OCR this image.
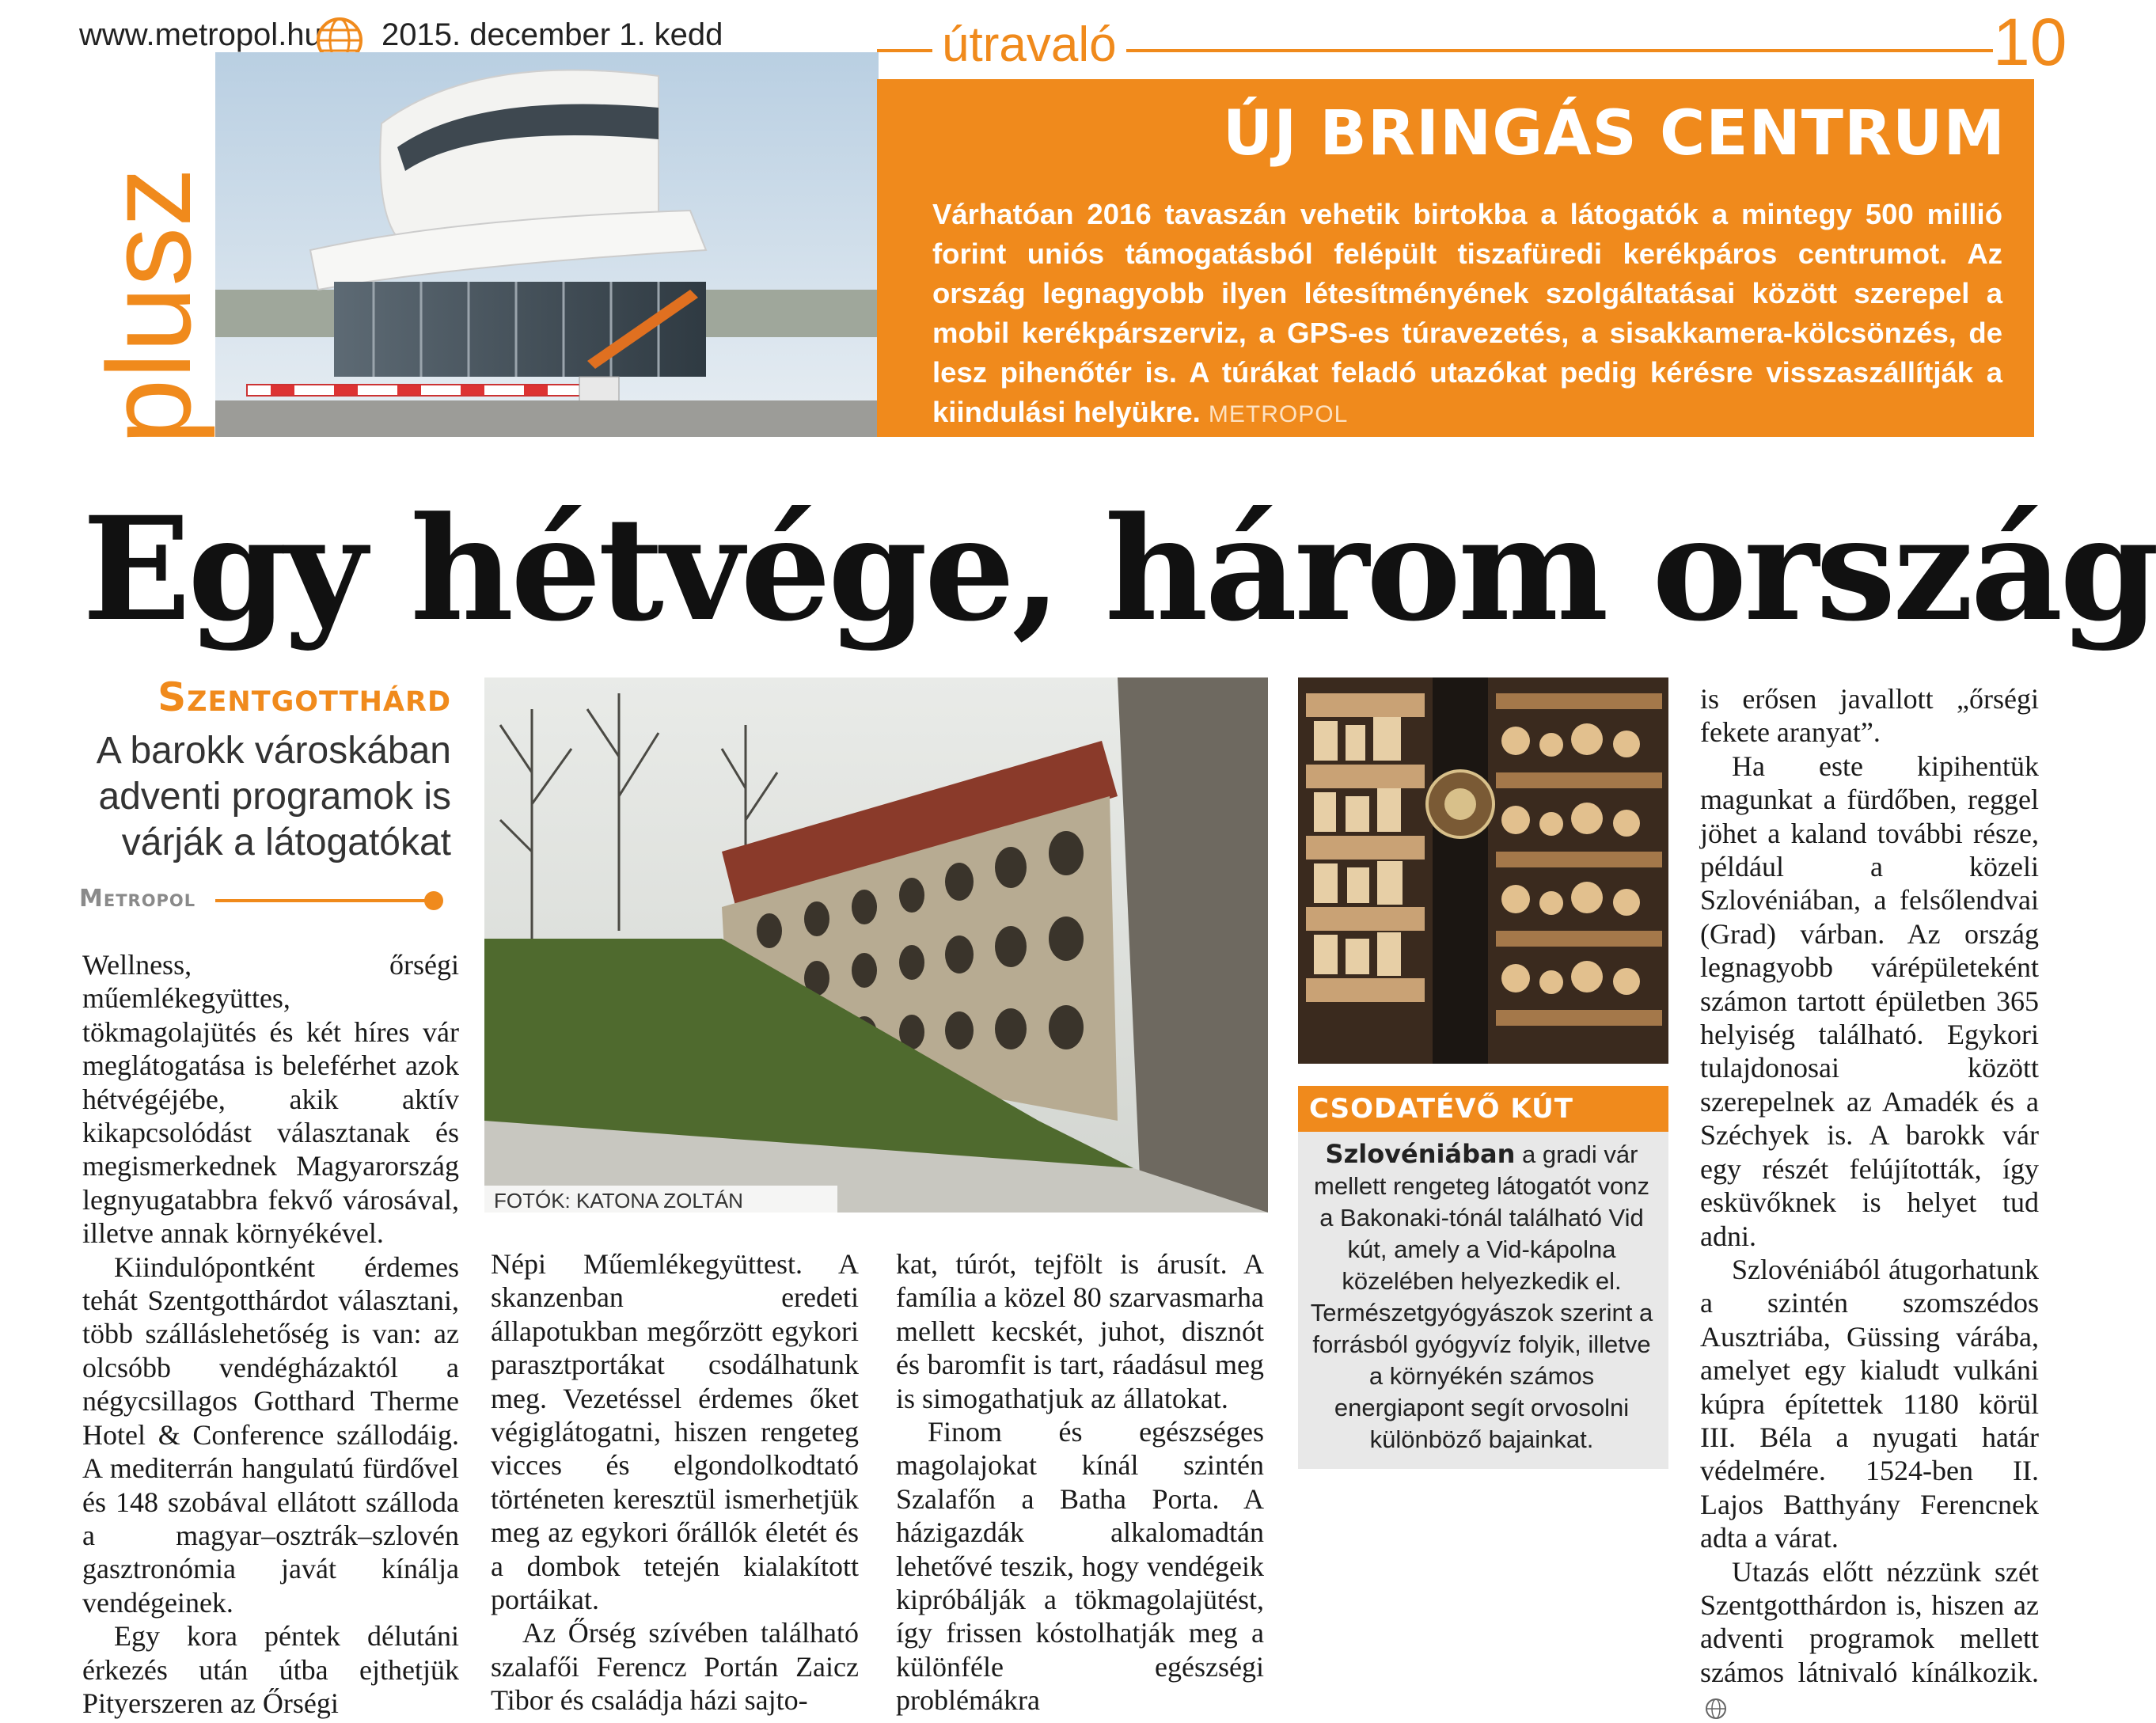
www.metropol.hu 2015. december 1. kedd	útravaló	10
plusz
ÚJ BRINGÁS CENTRUM
Várhatóan 2016 tavaszán vehetik birtokba a látogatók a mintegy 500 millió forint uniós támogatásból felépült tiszafüredi kerékpáros centrumot. Az ország legnagyobb ilyen létesítményének szolgáltatásai között szerepel a mobil kerékpárszerviz, a GPS-es túravezetés, a sisakkamera-kölcsönzés, de lesz pihenőtér is. A túrákat feladó utazókat pedig kérésre visszaszállítják a kiindulási helyükre. METROPOL
Egy hétvége, három ország
Szentgotthárd
A barokk városkában adventi programok is várják a látogatókat
Metropol

Wellness, őrségi műemlékegyüttes, tökmagolajütés és két híres vár meglátogatása is beleférhet azok hétvégéjébe, akik aktív kikapcsolódást választanak és megismerkednek Magyarország legnyugatabbra fekvő városával, illetve annak környékével.

Kiindulópontként érdemes tehát Szentgotthárdot választani, több szálláslehetőség is van: az olcsóbb vendégházaktól a négycsillagos Gotthard Therme Hotel & Conference szállodáig. A mediterrán hangulatú fürdővel és 148 szobával ellátott szálloda a magyar–osztrák–szlovén gasztronómia javát kínálja vendégeinek.

Egy kora péntek délutáni érkezés után útba ejthetjük Pityerszeren az Őrségi

FOTÓK: KATONA ZOLTÁN

Népi Műemlékegyüttest. A skanzenban eredeti állapotukban megőrzött egykori parasztportákat csodálhatunk meg. Vezetéssel érdemes őket végiglátogatni, hiszen rengeteg vicces és elgondolkodtató történeten keresztül ismerhetjük meg az egykori őrállók életét és a dombok tetején kialakított portáikat.

Az Őrség szívében található szalafői Ferencz Portán Zaicz Tibor és családja házi sajto-

kat, túrót, tejfölt is árusít. A família a közel 80 szarvasmarha mellett kecskét, juhot, disznót és baromfit is tart, ráadásul meg is simogathatjuk az állatokat.

Finom és egészséges magolajokat kínál szintén Szalafőn a Batha Porta. A házigazdák alkalomadtán lehetővé teszik, hogy vendégeik kipróbálják a tökmagolajütést, így frissen kóstolhatják meg a különféle egészségi problémákra

CSODATÉVŐ KÚT
Szlovéniában a gradi vár mellett rengeteg látogatót vonz a Bakonaki-tónál található Vid kút, amely a Vid-kápolna közelében helyezkedik el. Természetgyógyászok szerint a forrásból gyógyvíz folyik, illetve a környékén számos energiapont segít orvosolni különböző bajainkat.

is erősen javallott „őrségi fekete aranyat”.

Ha este kipihentük magunkat a fürdőben, reggel jöhet a kaland további része, például a közeli Szlovéniában, a felsőlendvai (Grad) várban. Az ország legnagyobb várépületeként számon tartott épületben 365 helyiség található. Egykori tulajdonosai között szerepelnek az Amadék és a Széchyek is. A barokk vár egy részét felújították, így esküvőknek is helyet tud adni.

Szlovéniából átugorhatunk a szintén szomszédos Ausztriába, Güssing várába, amelyet egy kialudt vulkáni kúpra építettek 1180 körül III. Béla a nyugati határ védelmére. 1524-ben II. Lajos Batthyány Ferencnek adta a várat.

Utazás előtt nézzünk szét Szentgotthárdon is, hiszen az adventi programok mellett számos látnivaló kínálkozik.
